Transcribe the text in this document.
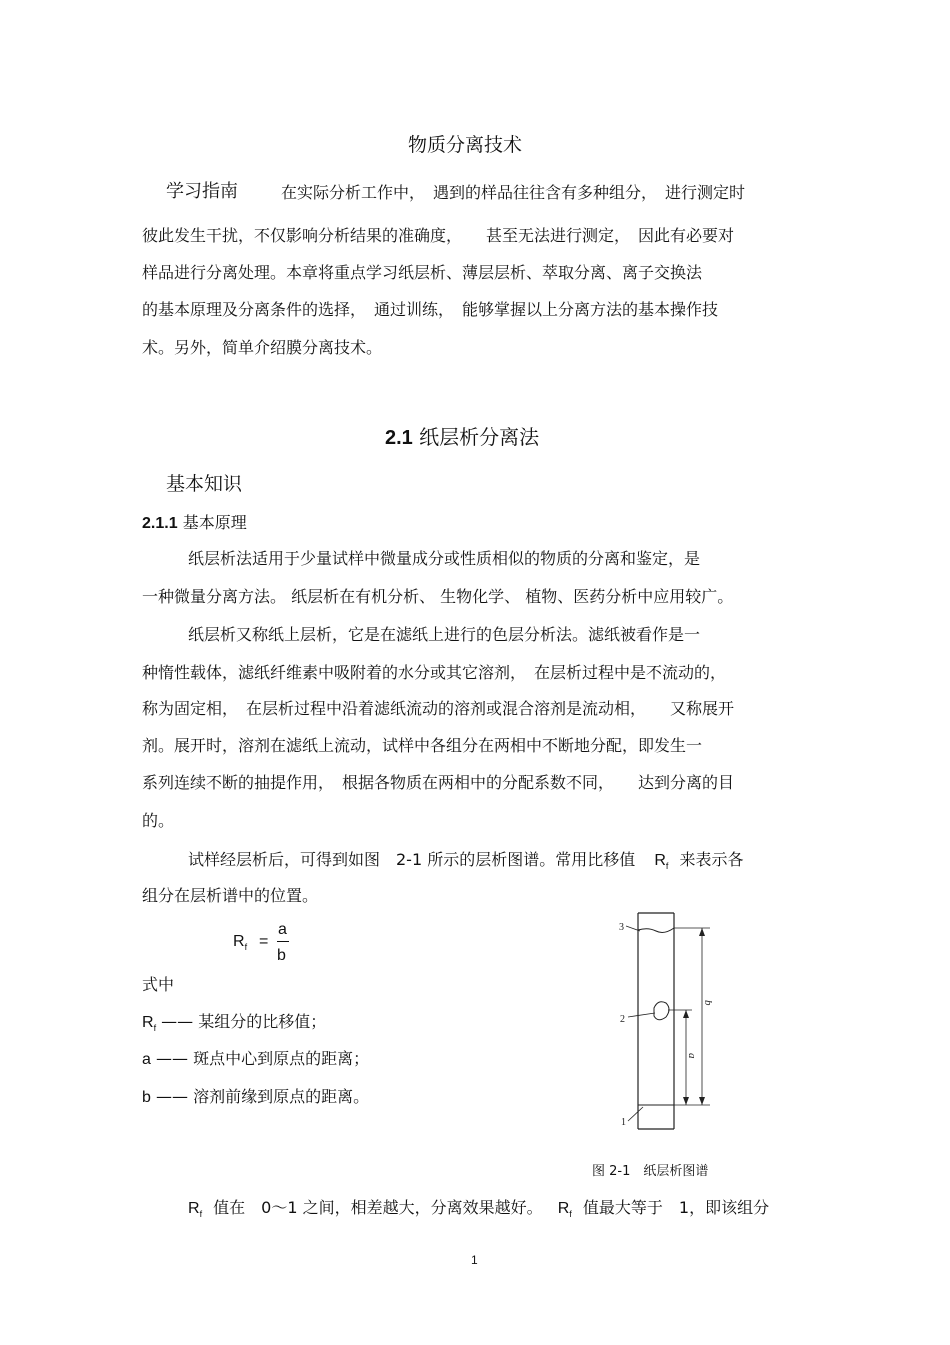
物质分离技术
学习指南	在实际分析工作中，　遇到的样品往往含有多种组分，　进行测定时
彼此发生干扰，不仅影响分析结果的准确度，　　甚至无法进行测定，　因此有必要对
样品进行分离处理。本章将重点学习纸层析、薄层层析、萃取分离、离子交换法
的基本原理及分离条件的选择，　通过训练，　能够掌握以上分离方法的基本操作技
术。另外，简单介绍膜分离技术。
2.1 纸层析分离法
基本知识
2.1.1 基本原理
纸层析法适用于少量试样中微量成分或性质相似的物质的分离和鉴定，是
一种微量分离方法。 纸层析在有机分析、 生物化学、 植物、医药分析中应用较广。
纸层析又称纸上层析，它是在滤纸上进行的色层分析法。滤纸被看作是一
种惰性载体，滤纸纤维素中吸附着的水分或其它溶剂，　在层析过程中是不流动的，
称为固定相，　在层析过程中沿着滤纸流动的溶剂或混合溶剂是流动相，　　又称展开
剂。展开时，溶剂在滤纸上流动，试样中各组分在两相中不断地分配，即发生一
系列连续不断的抽提作用，　根据各物质在两相中的分配系数不同，　　达到分离的目
的。
试样经层析后，可得到如图　2-1 所示的层析图谱。常用比移值 $R_f$ 来表示各
组分在层析谱中的位置。
$R_f$ =
a
b
式中
$R_f$ —— 某组分的比移值；
a —— 斑点中心到原点的距离；
b —— 溶剂前缘到原点的距离。
3
2
1
b
a
图 2-1　纸层析图谱
$R_f$ 值在　0～1 之间，相差越大，分离效果越好。 $R_f$ 值最大等于　1，即该组分
1
